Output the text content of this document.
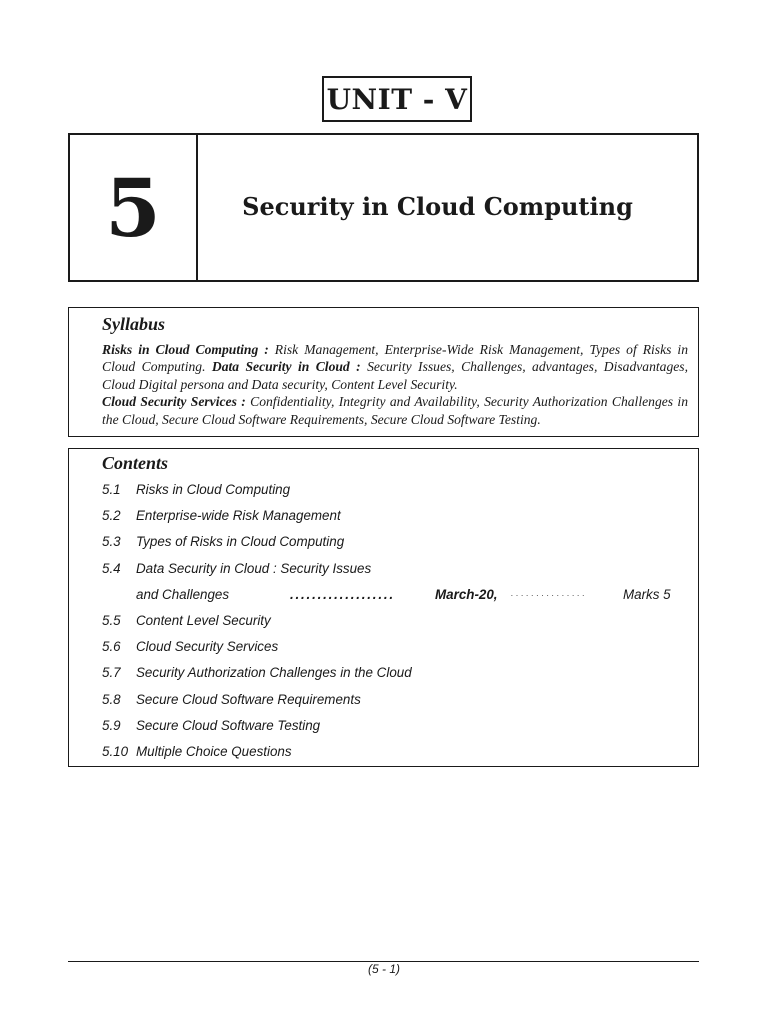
UNIT - V
5	Security in Cloud Computing
Syllabus

Risks in Cloud Computing : Risk Management, Enterprise-Wide Risk Management, Types of Risks in Cloud Computing. Data Security in Cloud : Security Issues, Challenges, advantages, Disadvantages, Cloud Digital persona and Data security, Content Level Security.
Cloud Security Services : Confidentiality, Integrity and Availability, Security Authorization Challenges in the Cloud, Secure Cloud Software Requirements, Secure Cloud Software Testing.

Contents
5.1 Risks in Cloud Computing
5.2 Enterprise-wide Risk Management
5.3 Types of Risks in Cloud Computing
5.4 Data Security in Cloud : Security Issues
and Challenges	...................	March-20, ...............	Marks 5
5.5 Content Level Security
5.6 Cloud Security Services
5.7 Security Authorization Challenges in the Cloud
5.8 Secure Cloud Software Requirements
5.9 Secure Cloud Software Testing
5.10 Multiple Choice Questions
(5 - 1)
